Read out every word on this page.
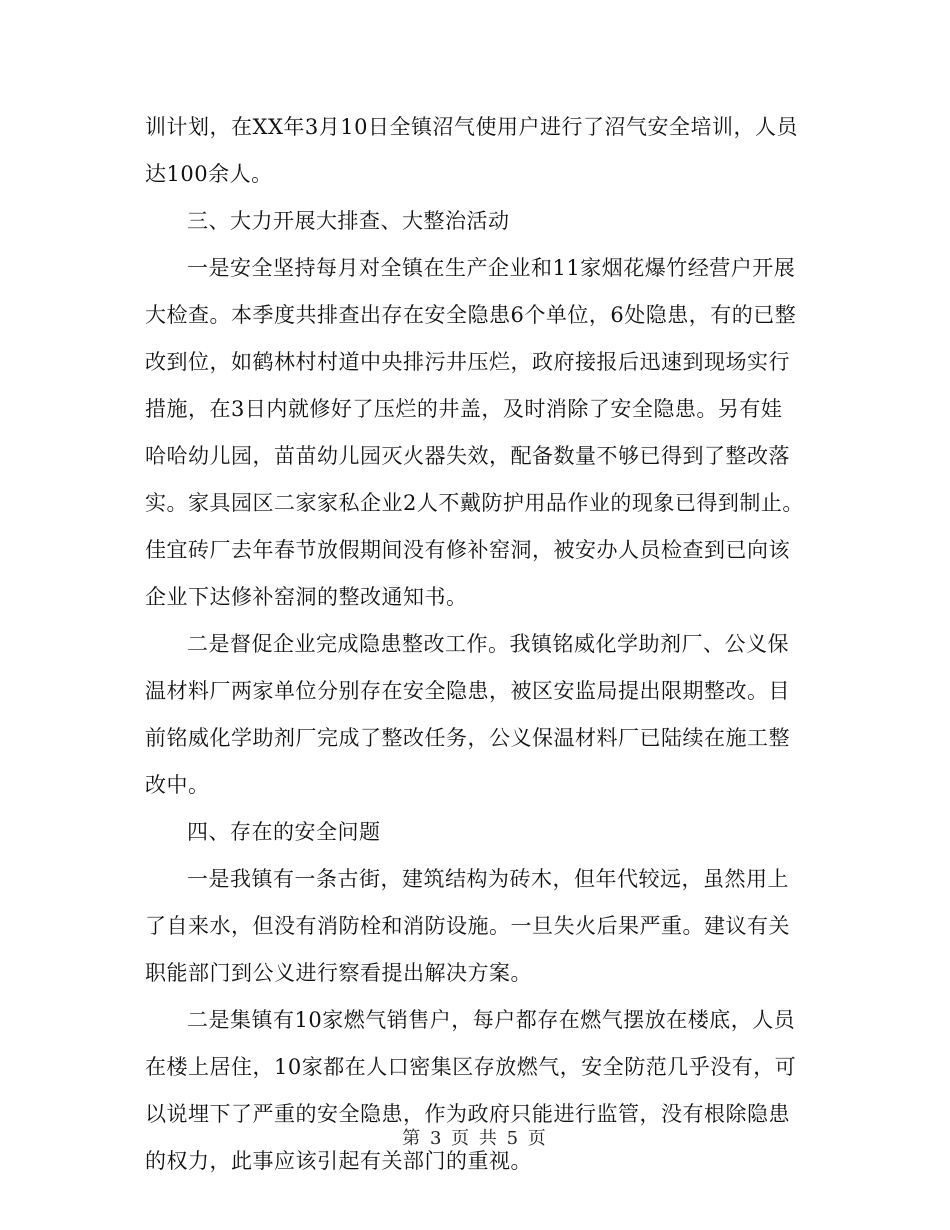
训计划，在XX年3月10日全镇沼气使用户进行了沼气安全培训，人员
达100余人。
三、大力开展大排查、大整治活动
一是安全坚持每月对全镇在生产企业和11家烟花爆竹经营户开展
大检查。本季度共排查出存在安全隐患6个单位，6处隐患，有的已整
改到位，如鹤林村村道中央排污井压烂，政府接报后迅速到现场实行
措施，在3日内就修好了压烂的井盖，及时消除了安全隐患。另有娃
哈哈幼儿园，苗苗幼儿园灭火器失效，配备数量不够已得到了整改落
实。家具园区二家家私企业2人不戴防护用品作业的现象已得到制止。
佳宜砖厂去年春节放假期间没有修补窑洞，被安办人员检查到已向该
企业下达修补窑洞的整改通知书。
二是督促企业完成隐患整改工作。我镇铭威化学助剂厂、公义保
温材料厂两家单位分别存在安全隐患，被区安监局提出限期整改。目
前铭威化学助剂厂完成了整改任务，公义保温材料厂已陆续在施工整
改中。
四、存在的安全问题
一是我镇有一条古街，建筑结构为砖木，但年代较远，虽然用上
了自来水，但没有消防栓和消防设施。一旦失火后果严重。建议有关
职能部门到公义进行察看提出解决方案。
二是集镇有10家燃气销售户，每户都存在燃气摆放在楼底，人员
在楼上居住，10家都在人口密集区存放燃气，安全防范几乎没有，可
以说埋下了严重的安全隐患，作为政府只能进行监管，没有根除隐患
的权力，此事应该引起有关部门的重视。
第 3 页 共 5 页
